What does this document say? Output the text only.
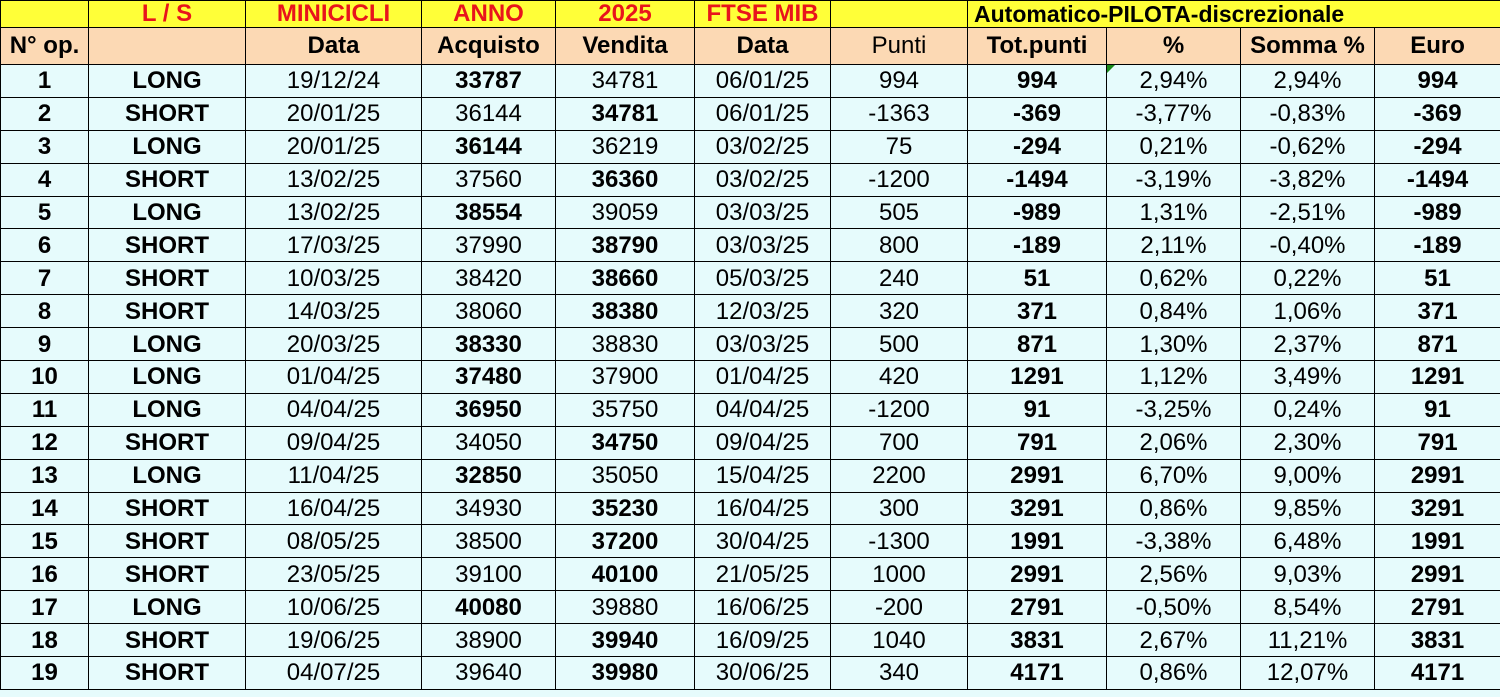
	L / S	MINICICLI	ANNO	2025	FTSE MIB		Automatico-PILOTA-discrezionale			
N° op.		Data	Acquisto	Vendita	Data	Punti	Tot.punti	%	Somma %	Euro
1	LONG	19/12/24	33787	34781	06/01/25	994	994	2,94%	2,94%	994
2	SHORT	20/01/25	36144	34781	06/01/25	-1363	-369	-3,77%	-0,83%	-369
3	LONG	20/01/25	36144	36219	03/02/25	75	-294	0,21%	-0,62%	-294
4	SHORT	13/02/25	37560	36360	03/02/25	-1200	-1494	-3,19%	-3,82%	-1494
5	LONG	13/02/25	38554	39059	03/03/25	505	-989	1,31%	-2,51%	-989
6	SHORT	17/03/25	37990	38790	03/03/25	800	-189	2,11%	-0,40%	-189
7	SHORT	10/03/25	38420	38660	05/03/25	240	51	0,62%	0,22%	51
8	SHORT	14/03/25	38060	38380	12/03/25	320	371	0,84%	1,06%	371
9	LONG	20/03/25	38330	38830	03/03/25	500	871	1,30%	2,37%	871
10	LONG	01/04/25	37480	37900	01/04/25	420	1291	1,12%	3,49%	1291
11	LONG	04/04/25	36950	35750	04/04/25	-1200	91	-3,25%	0,24%	91
12	SHORT	09/04/25	34050	34750	09/04/25	700	791	2,06%	2,30%	791
13	LONG	11/04/25	32850	35050	15/04/25	2200	2991	6,70%	9,00%	2991
14	SHORT	16/04/25	34930	35230	16/04/25	300	3291	0,86%	9,85%	3291
15	SHORT	08/05/25	38500	37200	30/04/25	-1300	1991	-3,38%	6,48%	1991
16	SHORT	23/05/25	39100	40100	21/05/25	1000	2991	2,56%	9,03%	2991
17	LONG	10/06/25	40080	39880	16/06/25	-200	2791	-0,50%	8,54%	2791
18	SHORT	19/06/25	38900	39940	16/09/25	1040	3831	2,67%	11,21%	3831
19	SHORT	04/07/25	39640	39980	30/06/25	340	4171	0,86%	12,07%	4171
